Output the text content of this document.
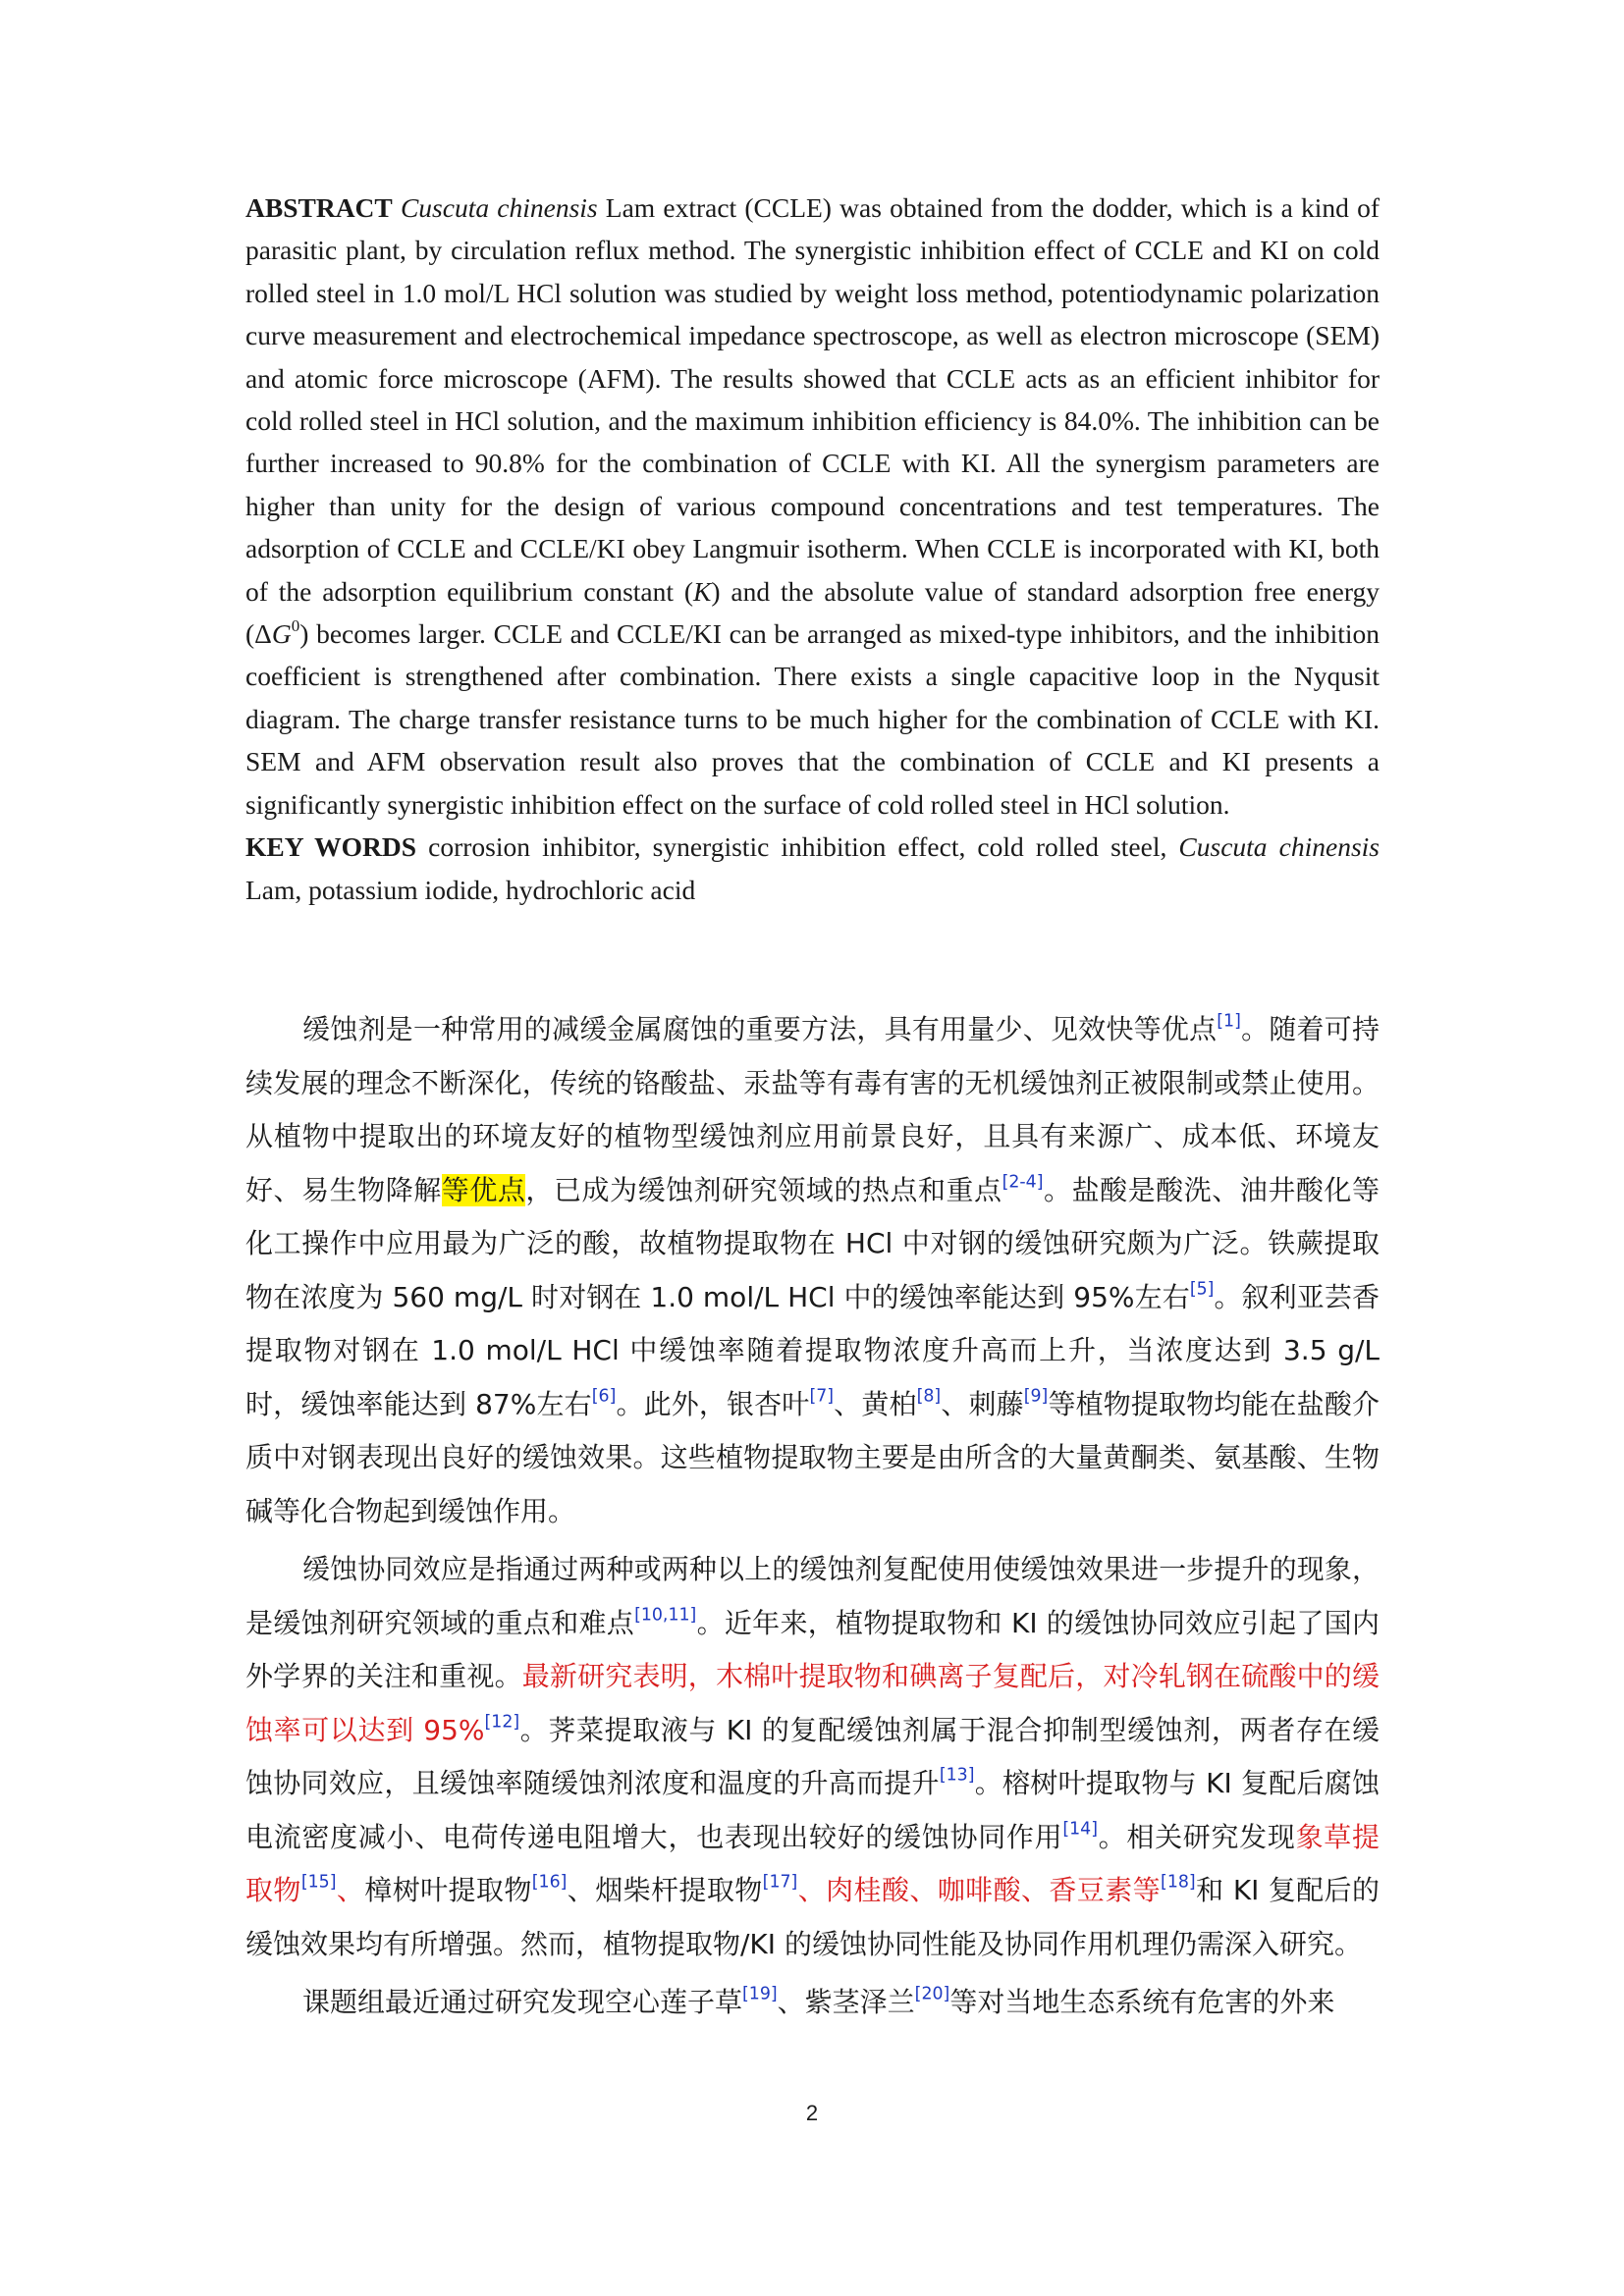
ABSTRACT Cuscuta chinensis Lam extract (CCLE) was obtained from the dodder, which is a kind of parasitic plant, by circulation reflux method. The synergistic inhibition effect of CCLE and KI on cold rolled steel in 1.0 mol/L HCl solution was studied by weight loss method, potentiodynamic polarization curve measurement and electrochemical impedance spectroscope, as well as electron microscope (SEM) and atomic force microscope (AFM). The results showed that CCLE acts as an efficient inhibitor for cold rolled steel in HCl solution, and the maximum inhibition efficiency is 84.0%. The inhibition can be further increased to 90.8% for the combination of CCLE with KI. All the synergism parameters are higher than unity for the design of various compound concentrations and test temperatures. The adsorption of CCLE and CCLE/KI obey Langmuir isotherm. When CCLE is incorporated with KI, both of the adsorption equilibrium constant (K) and the absolute value of standard adsorption free energy $(\Delta G^0)$ becomes larger. CCLE and CCLE/KI can be arranged as mixed-type inhibitors, and the inhibition coefficient is strengthened after combination. There exists a single capacitive loop in the Nyqusit diagram. The charge transfer resistance turns to be much higher for the combination of CCLE with KI. SEM and AFM observation result also proves that the combination of CCLE and KI presents a significantly synergistic inhibition effect on the surface of cold rolled steel in HCl solution.
KEY WORDS corrosion inhibitor, synergistic inhibition effect, cold rolled steel, Cuscuta chinensis Lam, potassium iodide, hydrochloric acid

缓蚀剂是一种常用的减缓金属腐蚀的重要方法，具有用量少、见效快等优点[1]。随着可持续发展的理念不断深化，传统的铬酸盐、汞盐等有毒有害的无机缓蚀剂正被限制或禁止使用。从植物中提取出的环境友好的植物型缓蚀剂应用前景良好，且具有来源广、成本低、环境友好、易生物降解等优点，已成为缓蚀剂研究领域的热点和重点[2-4]。盐酸是酸洗、油井酸化等化工操作中应用最为广泛的酸，故植物提取物在 HCl 中对钢的缓蚀研究颇为广泛。铁蕨提取物在浓度为 560 mg/L 时对钢在 1.0 mol/L HCl 中的缓蚀率能达到 95%左右[5]。叙利亚芸香提取物对钢在 1.0 mol/L HCl 中缓蚀率随着提取物浓度升高而上升，当浓度达到 3.5 g/L 时，缓蚀率能达到 87%左右[6]。此外，银杏叶[7]、黄柏[8]、刺藤[9]等植物提取物均能在盐酸介质中对钢表现出良好的缓蚀效果。这些植物提取物主要是由所含的大量黄酮类、氨基酸、生物碱等化合物起到缓蚀作用。

缓蚀协同效应是指通过两种或两种以上的缓蚀剂复配使用使缓蚀效果进一步提升的现象，是缓蚀剂研究领域的重点和难点[10,11]。近年来，植物提取物和 KI 的缓蚀协同效应引起了国内外学界的关注和重视。最新研究表明，木棉叶提取物和碘离子复配后，对冷轧钢在硫酸中的缓蚀率可以达到 95%[12]。荠菜提取液与 KI 的复配缓蚀剂属于混合抑制型缓蚀剂，两者存在缓蚀协同效应，且缓蚀率随缓蚀剂浓度和温度的升高而提升[13]。榕树叶提取物与 KI 复配后腐蚀电流密度减小、电荷传递电阻增大，也表现出较好的缓蚀协同作用[14]。相关研究发现象草提取物[15]、樟树叶提取物[16]、烟柴杆提取物[17]、肉桂酸、咖啡酸、香豆素等[18]和 KI 复配后的缓蚀效果均有所增强。然而，植物提取物/KI 的缓蚀协同性能及协同作用机理仍需深入研究。

课题组最近通过研究发现空心莲子草[19]、紫茎泽兰[20]等对当地生态系统有危害的外来

2
